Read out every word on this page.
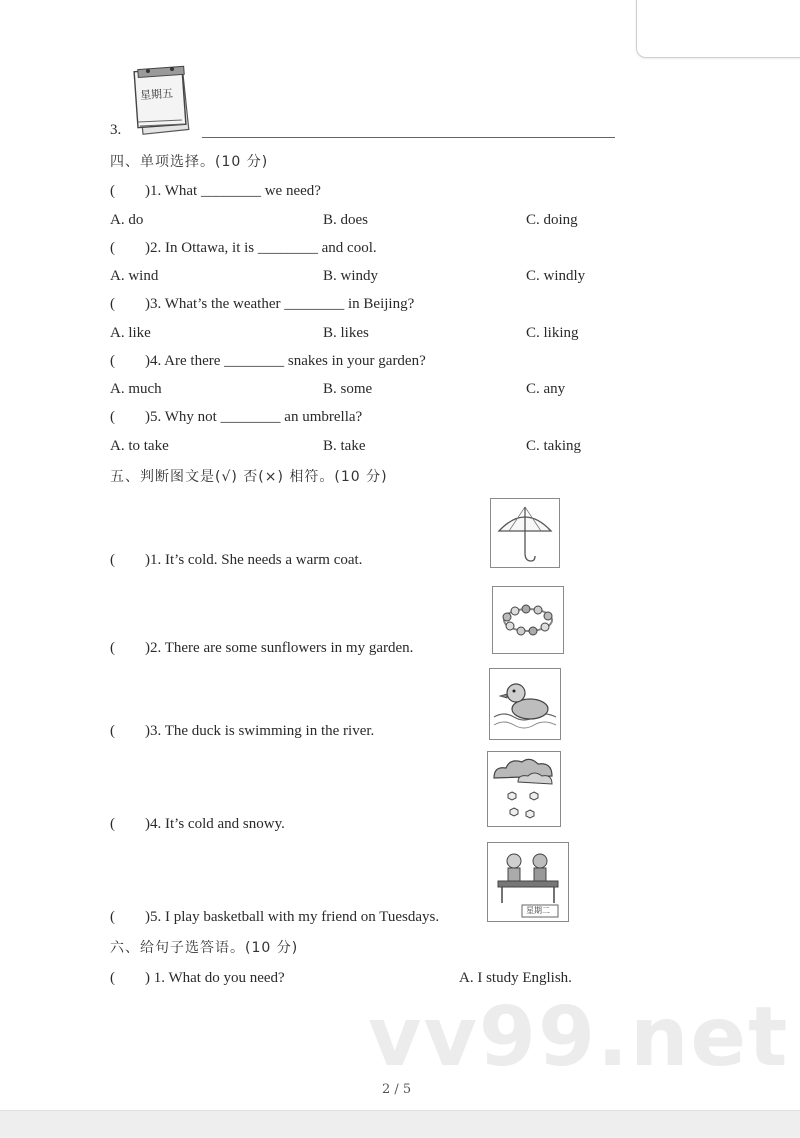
星期五
3.
四、单项选择。(10 分)
( )1. What ________ we need?
A. do	B. does	C. doing
( )2. In Ottawa, it is ________ and cool.
A. wind	B. windy	C. windly
( )3. What’s the weather ________ in Beijing?
A. like	B. likes	C. liking
( )4. Are there ________ snakes in your garden?
A. much	B. some	C. any
( )5. Why not ________ an umbrella?
A. to take	B. take	C. taking
五、判断图文是(√) 否(×) 相符。(10 分)
( )1. It’s cold. She needs a warm coat.
( )2. There are some sunflowers in my garden.
( )3. The duck is swimming in the river.
( )4. It’s cold and snowy.
( )5. I play basketball with my friend on Tuesdays.	星期二
六、给句子选答语。(10 分)
( ) 1. What do you need?	A. I study English.
vv99.net
2 / 5
